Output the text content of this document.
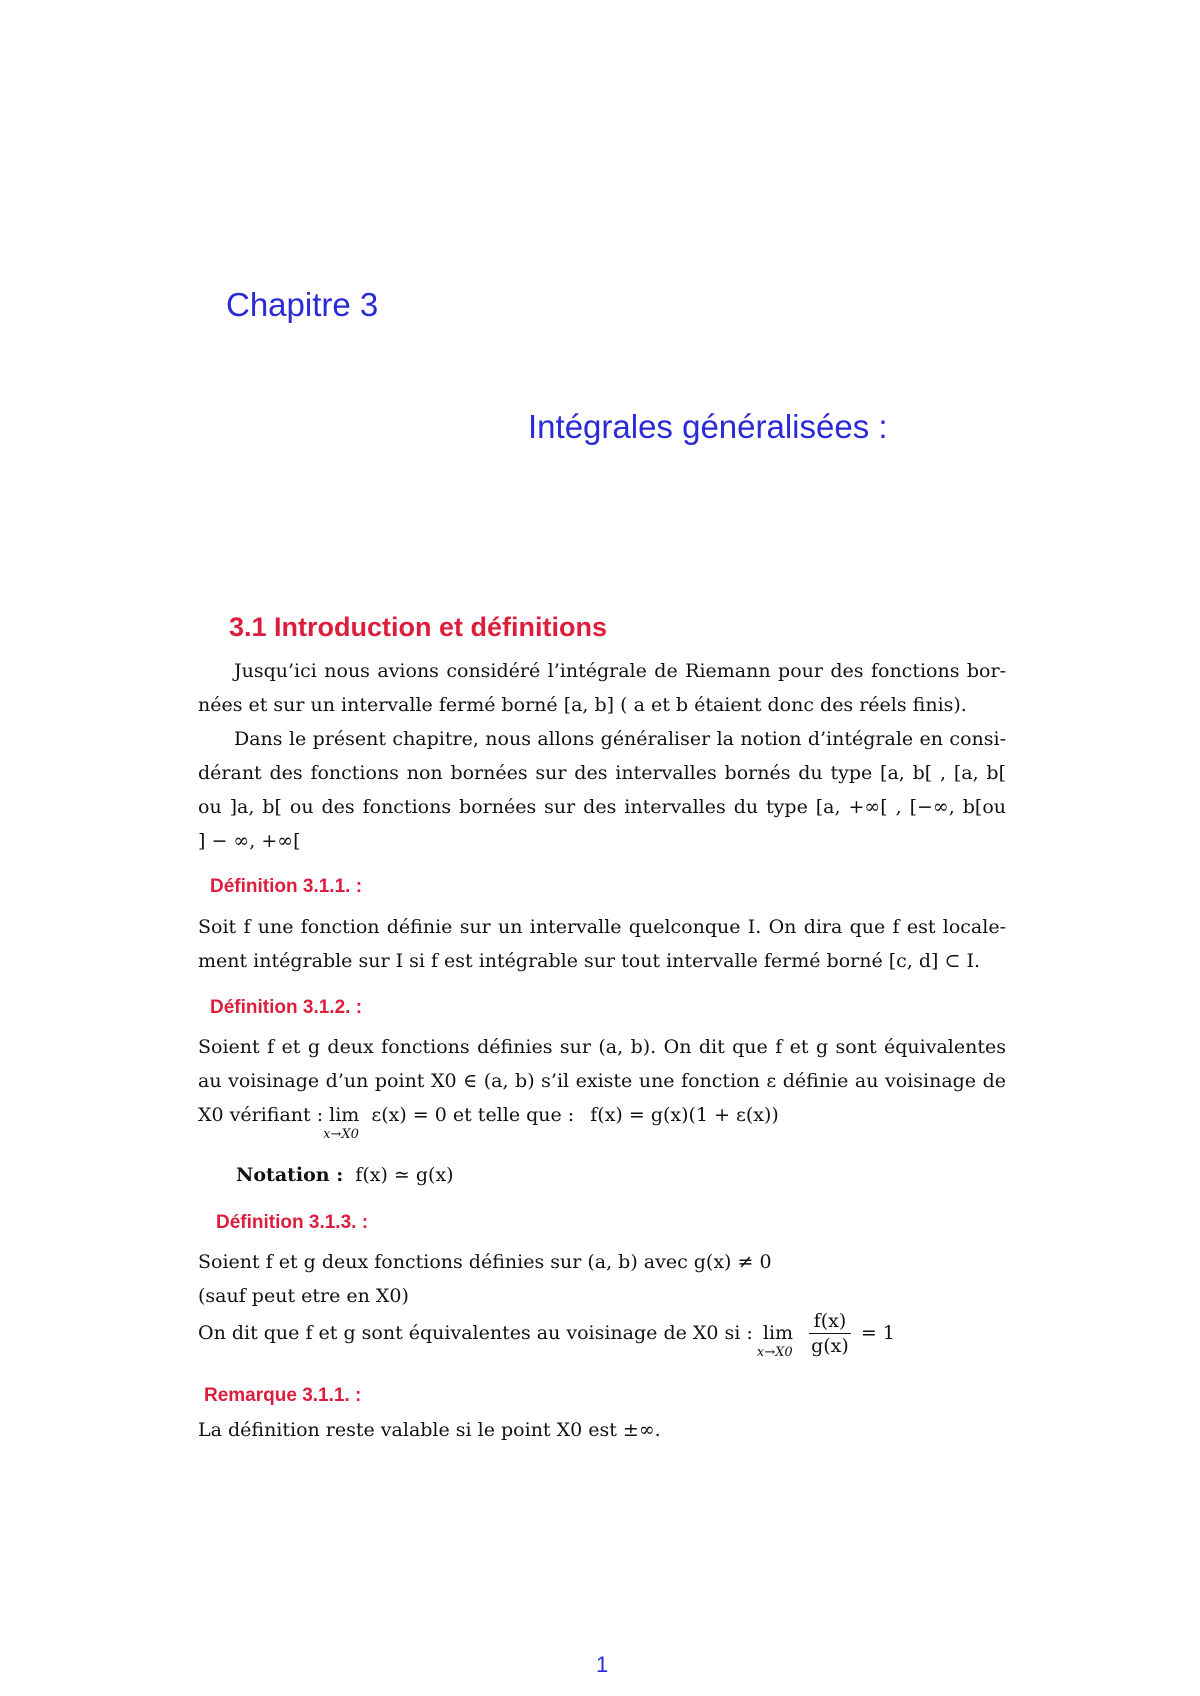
Chapitre 3
Intégrales généralisées :
3.1 Introduction et définitions
Jusqu’ici nous avions considéré l’intégrale de Riemann pour des fonctions bor-
nées et sur un intervalle fermé borné [a, b] ( a et b étaient donc des réels finis).
Dans le présent chapitre, nous allons généraliser la notion d’intégrale en consi-
dérant des fonctions non bornées sur des intervalles bornés du type [a, b[ , [a, b[
ou ]a, b[ ou des fonctions bornées sur des intervalles du type [a, +∞[ , [−∞, b[ou
] − ∞, +∞[
Définition 3.1.1. :
Soit f une fonction définie sur un intervalle quelconque I. On dira que f est locale-
ment intégrable sur I si f est intégrable sur tout intervalle fermé borné [c, d] ⊂ I.
Définition 3.1.2. :
Soient f et g deux fonctions définies sur (a, b). On dit que f et g sont équivalentes
au voisinage d’un point X0 ∈ (a, b) s’il existe une fonction ε définie au voisinage de
X0 vérifiant : lim
x→X0
ε(x) = 0 et telle que : f(x) = g(x)(1 + ε(x))
Notation : f(x) ≃ g(x)
Définition 3.1.3. :
Soient f et g deux fonctions définies sur (a, b) avec g(x) ≠ 0
(sauf peut etre en X0)
On dit que f et g sont équivalentes au voisinage de X0 si : lim
x→X0
$\frac{f(x)}{g(x)} = 1$
Remarque 3.1.1. :
La définition reste valable si le point X0 est ±∞.
1
